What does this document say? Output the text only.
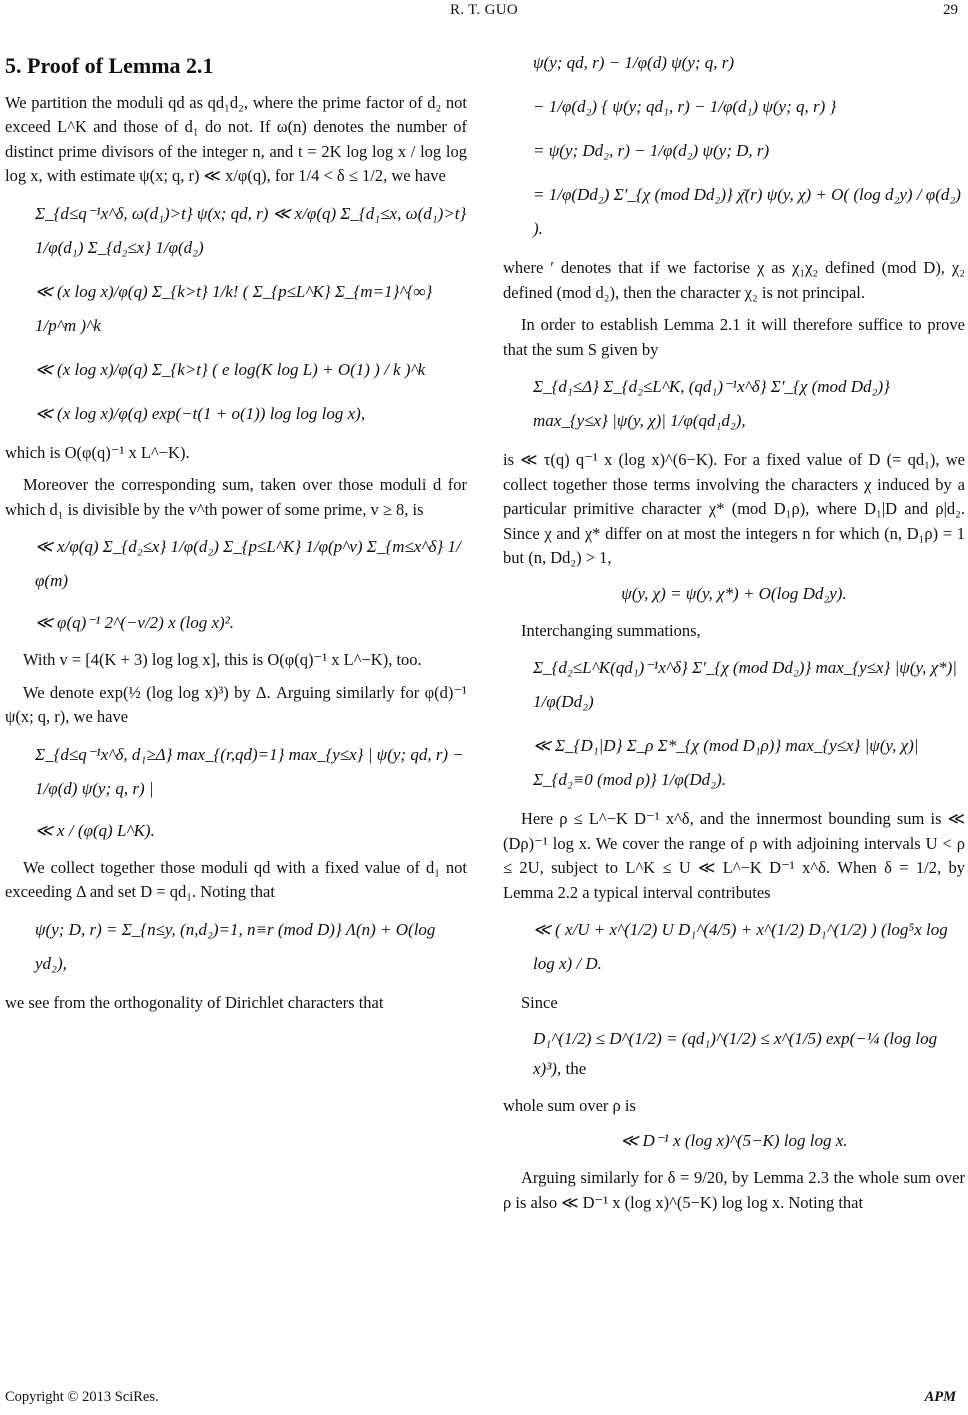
R. T. GUO	29
5. Proof of Lemma 2.1

We partition the moduli qd as qd₁d₂, where the prime factor of d₂ not exceed L^K and those of d₁ do not. If ω(n) denotes the number of distinct prime divisors of the integer n, and t = 2K log log x / log log log x, with estimate ψ(x; q, r) ≪ x/φ(q), for 1/4 < δ ≤ 1/2, we have

Σ_{d≤q⁻¹x^δ, ω(d₁)>t} ψ(x; qd, r) ≪ x/φ(q) Σ_{d₁≤x, ω(d₁)>t} 1/φ(d₁) Σ_{d₂≤x} 1/φ(d₂)
≪ (x log x)/φ(q) Σ_{k>t} 1/k! ( Σ_{p≤L^K} Σ_{m=1}^{∞} 1/p^m )^k
≪ (x log x)/φ(q) Σ_{k>t} ( e log(K log L) + O(1) ) / k )^k
≪ (x log x)/φ(q) exp(−t(1 + o(1)) log log log x),

which is O(φ(q)⁻¹ x L^−K).

Moreover the corresponding sum, taken over those moduli d for which d₁ is divisible by the v^th power of some prime, v ≥ 8, is

≪ x/φ(q) Σ_{d₂≤x} 1/φ(d₂) Σ_{p≤L^K} 1/φ(p^v) Σ_{m≤x^δ} 1/φ(m)
≪ φ(q)⁻¹ 2^(−v/2) x (log x)².

With v = [4(K + 3) log log x], this is O(φ(q)⁻¹ x L^−K), too.

We denote exp(½ (log log x)³) by Δ. Arguing similarly for φ(d)⁻¹ ψ(x; q, r), we have

Σ_{d≤q⁻¹x^δ, d₁≥Δ} max_{(r,qd)=1} max_{y≤x} | ψ(y; qd, r) − 1/φ(d) ψ(y; q, r) |
≪ x / (φ(q) L^K).

We collect together those moduli qd with a fixed value of d₁ not exceeding Δ and set D = qd₁. Noting that

ψ(y; D, r) = Σ_{n≤y, (n,d₂)=1, n≡r (mod D)} Λ(n) + O(log yd₂),

we see from the orthogonality of Dirichlet characters that

ψ(y; qd, r) − 1/φ(d) ψ(y; q, r)
− 1/φ(d₂) { ψ(y; qd₁, r) − 1/φ(d₁) ψ(y; q, r) }
= ψ(y; Dd₂, r) − 1/φ(d₂) ψ(y; D, r)
= 1/φ(Dd₂) Σ′_{χ (mod Dd₂)} χ̄(r) ψ(y, χ) + O( (log d₂y) / φ(d₂) ).

where ′ denotes that if we factorise χ as χ₁χ₂ defined (mod D), χ₂ defined (mod d₂), then the character χ₂ is not principal.

In order to establish Lemma 2.1 it will therefore suffice to prove that the sum S given by

Σ_{d₁≤Δ} Σ_{d₂≤L^K, (qd₁)⁻¹x^δ} Σ′_{χ (mod Dd₂)} max_{y≤x} |ψ(y, χ)| 1/φ(qd₁d₂),

is ≪ τ(q) q⁻¹ x (log x)^(6−K). For a fixed value of D (= qd₁), we collect together those terms involving the characters χ induced by a particular primitive character χ* (mod D₁ρ), where D₁|D and ρ|d₂. Since χ and χ* differ on at most the integers n for which (n, D₁ρ) = 1 but (n, Dd₂) > 1,

ψ(y, χ) = ψ(y, χ*) + O(log Dd₂y).

Interchanging summations,

Σ_{d₂≤L^K(qd₁)⁻¹x^δ} Σ′_{χ (mod Dd₂)} max_{y≤x} |ψ(y, χ*)| 1/φ(Dd₂)
≪ Σ_{D₁|D} Σ_ρ Σ*_{χ (mod D₁ρ)} max_{y≤x} |ψ(y, χ)| Σ_{d₂≡0 (mod ρ)} 1/φ(Dd₂).

Here ρ ≤ L^−K D⁻¹ x^δ, and the innermost bounding sum is ≪ (Dρ)⁻¹ log x. We cover the range of ρ with adjoining intervals U < ρ ≤ 2U, subject to L^K ≤ U ≪ L^−K D⁻¹ x^δ. When δ = 1/2, by Lemma 2.2 a typical interval contributes

≪ ( x/U + x^(1/2) U D₁^(4/5) + x^(1/2) D₁^(1/2) ) (log⁵x log log x) / D.

Since

D₁^(1/2) ≤ D^(1/2) = (qd₁)^(1/2) ≤ x^(1/5) exp(−¼ (log log x)³), the

whole sum over ρ is

≪ D⁻¹ x (log x)^(5−K) log log x.

Arguing similarly for δ = 9/20, by Lemma 2.3 the whole sum over ρ is also ≪ D⁻¹ x (log x)^(5−K) log log x. Noting that

Copyright © 2013 SciRes.	APM
